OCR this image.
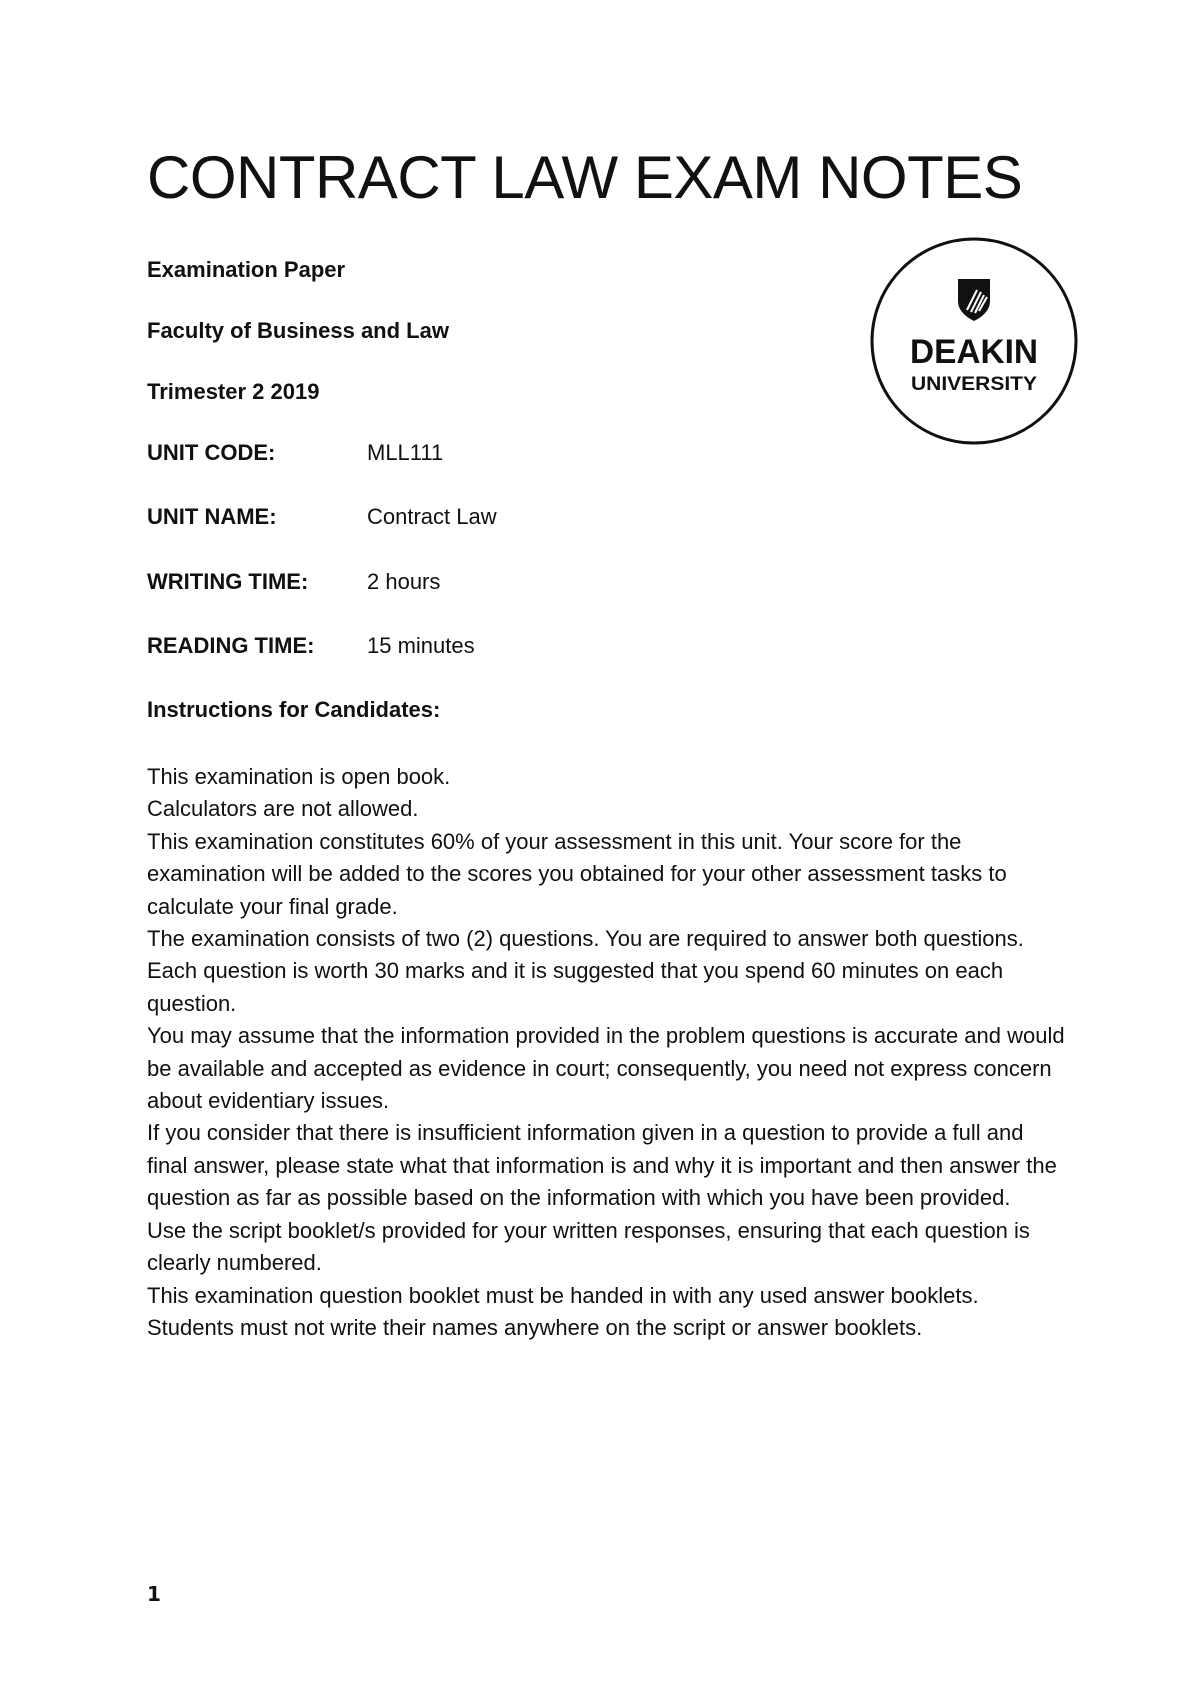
CONTRACT LAW EXAM NOTES

Examination Paper

Faculty of Business and Law

Trimester 2 2019

UNIT CODE:	MLL111
UNIT NAME:	Contract Law
WRITING TIME:	2 hours
READING TIME: 15 minutes

Instructions for Candidates:

This examination is open book.
Calculators are not allowed.
This examination constitutes 60% of your assessment in this unit. Your score for the examination will be added to the scores you obtained for your other assessment tasks to calculate your final grade.
The examination consists of two (2) questions. You are required to answer both questions. Each question is worth 30 marks and it is suggested that you spend 60 minutes on each question.
You may assume that the information provided in the problem questions is accurate and would be available and accepted as evidence in court; consequently, you need not express concern about evidentiary issues.
If you consider that there is insufficient information given in a question to provide a full and final answer, please state what that information is and why it is important and then answer the question as far as possible based on the information with which you have been provided.
Use the script booklet/s provided for your written responses, ensuring that each question is clearly numbered.
This examination question booklet must be handed in with any used answer booklets.
Students must not write their names anywhere on the script or answer booklets.
DEAKIN
UNIVERSITY
1
